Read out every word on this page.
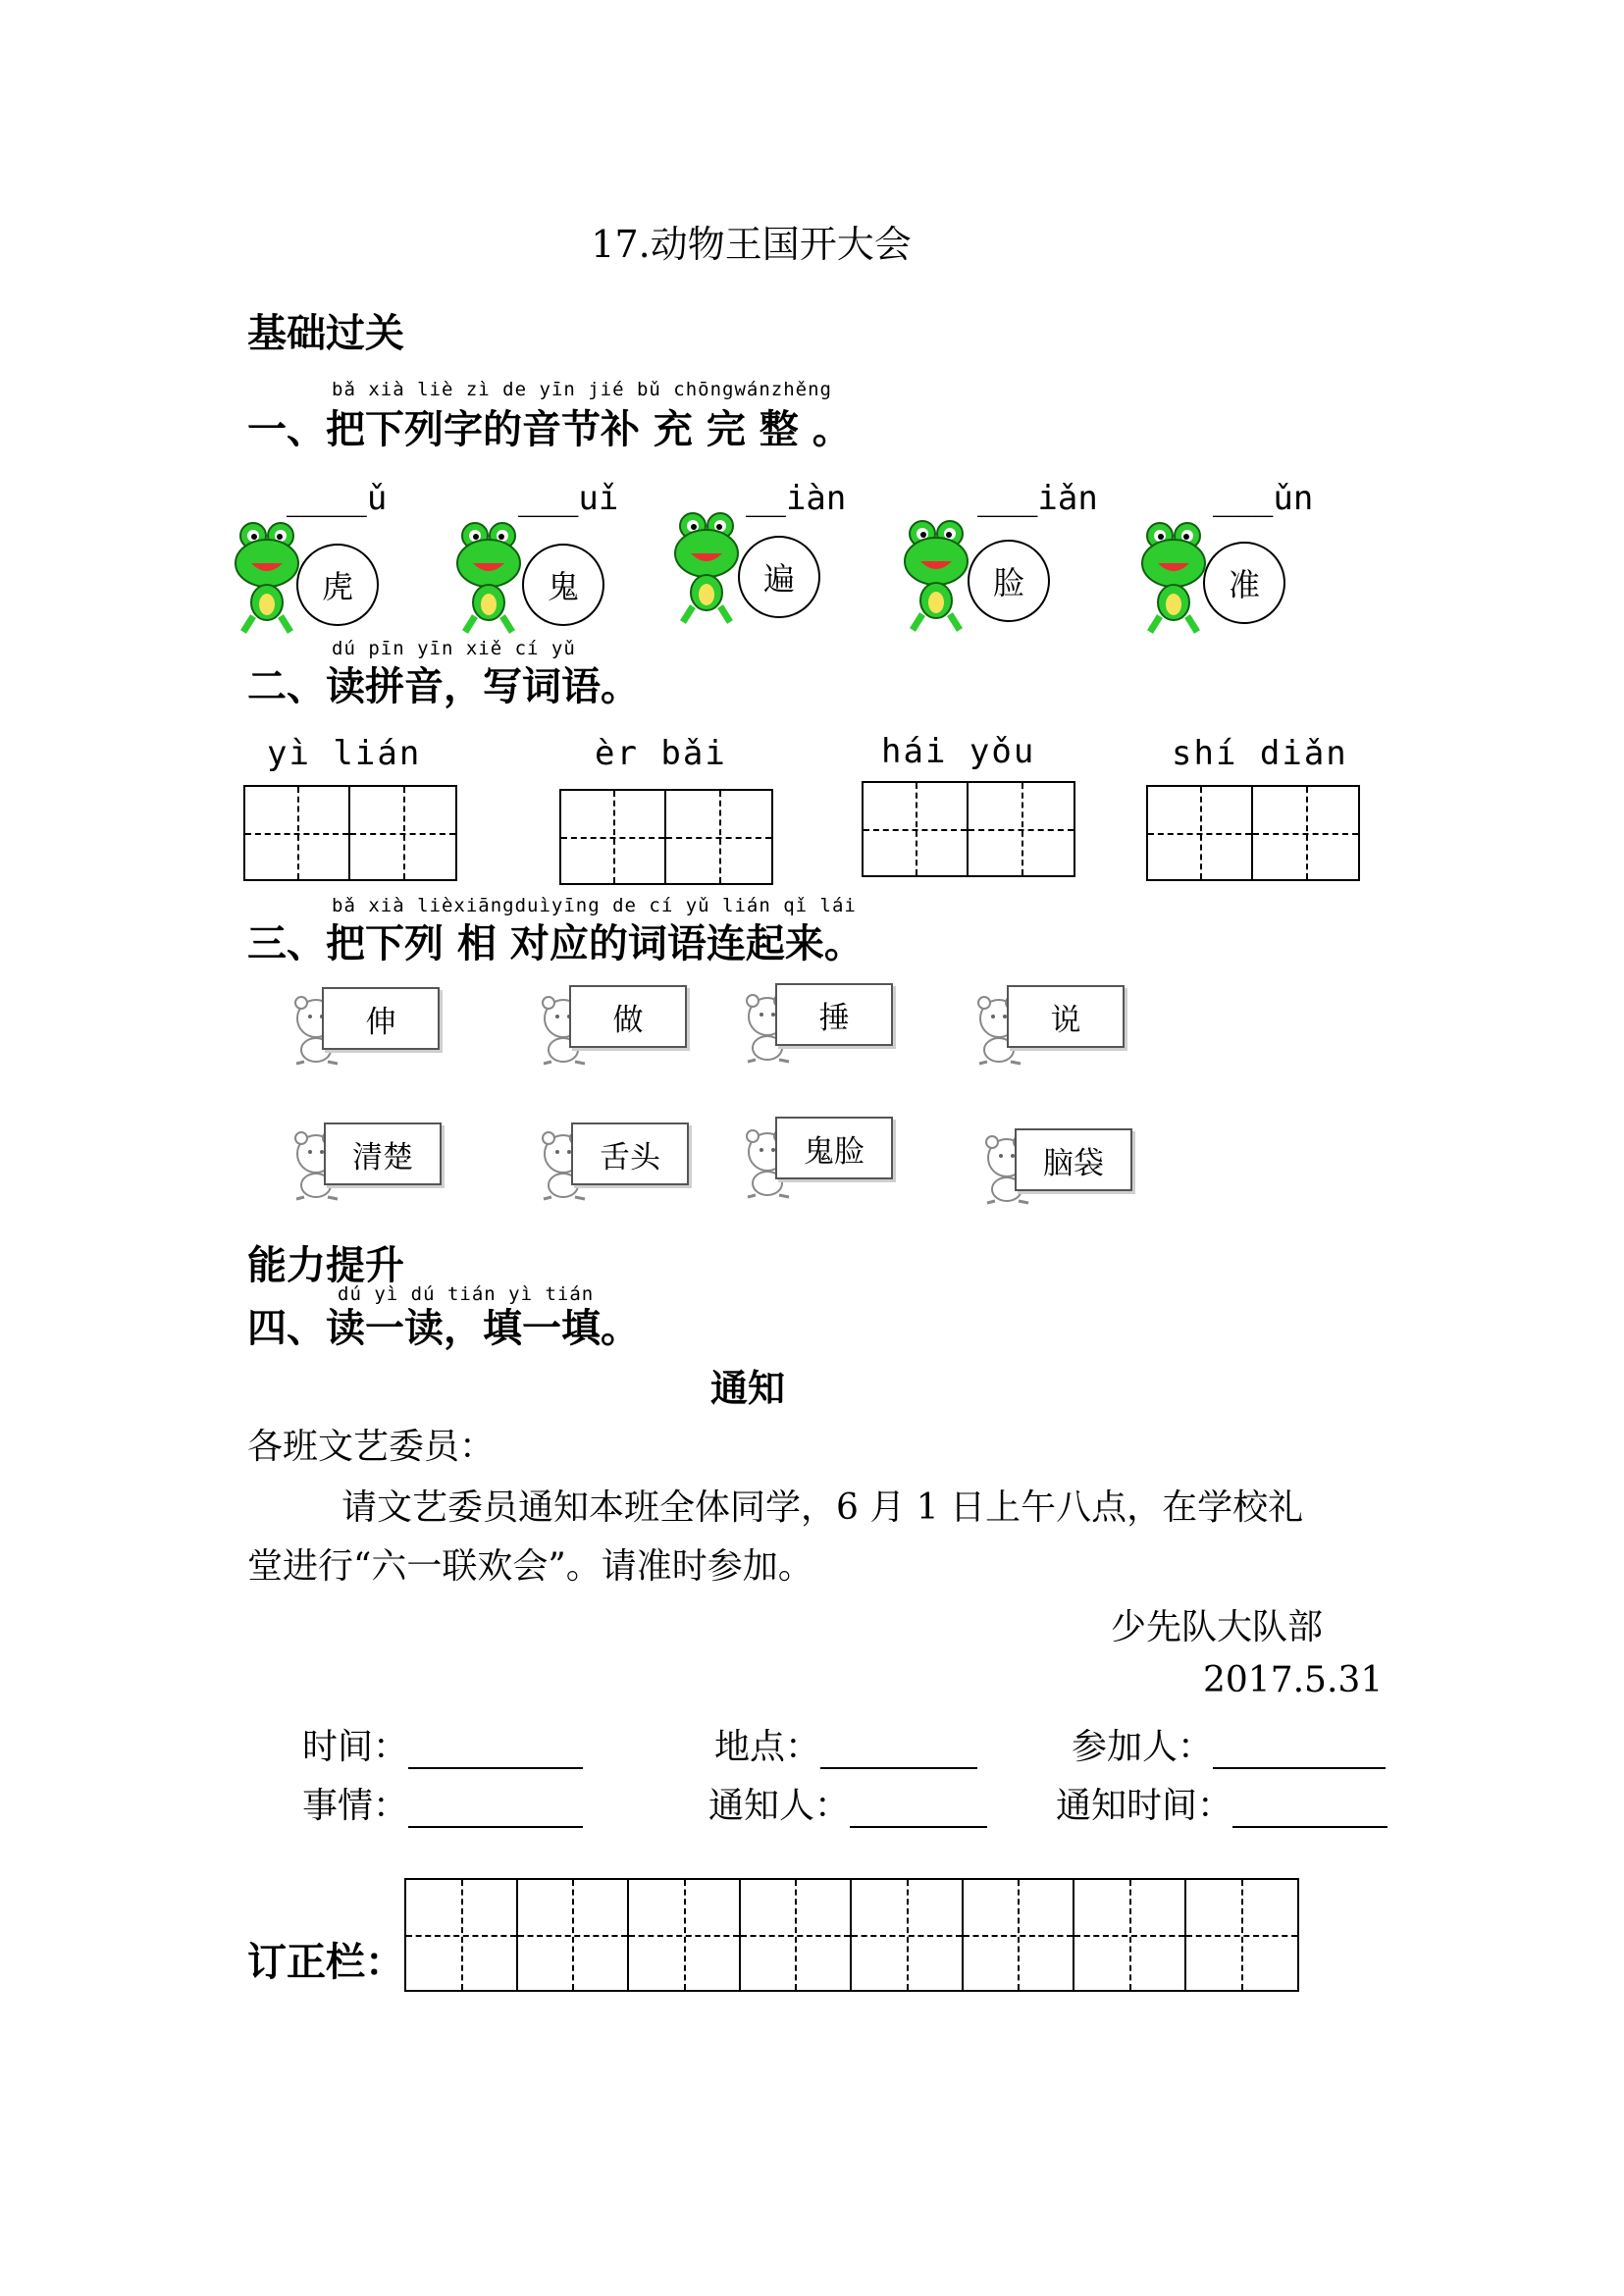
17.动物王国开大会
基础过关
bǎ xià liè zì de yīn jié bǔ chōngwánzhěng
一、把下列字的音节补 充 完 整 。
____ǔ	___uǐ	__iàn	___iǎn	___ǔn
虎	鬼	遍	脸	准
dú pīn yīn xiě cí yǔ
二、读拼音，写词语。
yì lián	èr bǎi	hái yǒu	shí diǎn
bǎ xià lièxiāngduìyīng de cí yǔ lián qǐ lái
三、把下列 相 对应的词语连起来。
伸	做	捶	说
清楚	舌头	鬼脸	脑袋
能力提升
dú yì dú tián yì tián
四、读一读，填一填。
通知
各班文艺委员：
请文艺委员通知本班全体同学，6 月 1 日上午八点，在学校礼
堂进行“六一联欢会”。请准时参加。
少先队大队部
2017.5.31
时间：	地点：	参加人：
事情：	通知人：	通知时间：
订正栏：
